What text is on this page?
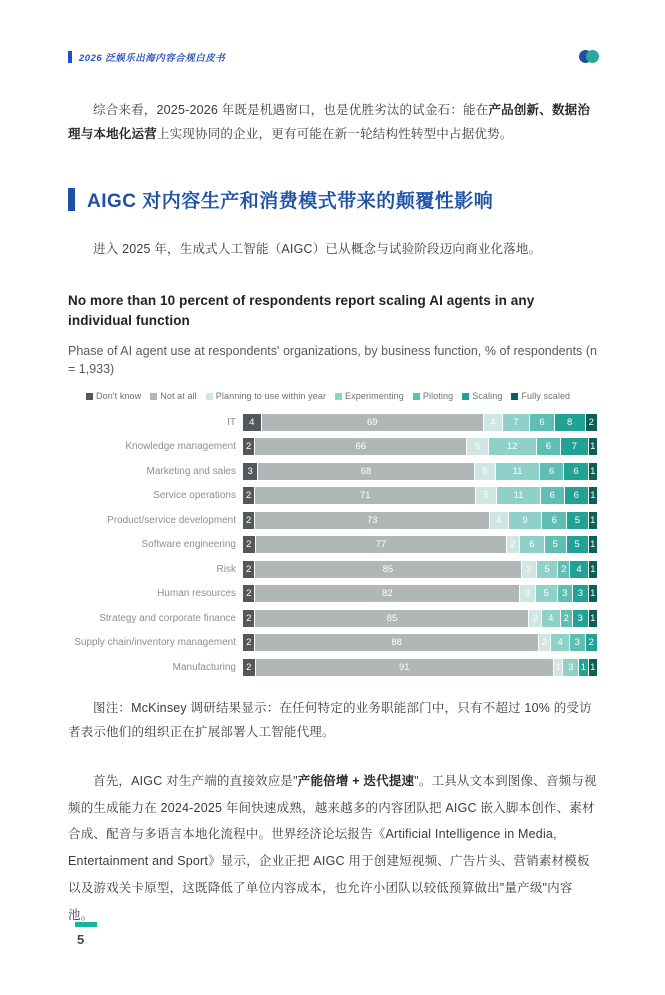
2026 泛娱乐出海内容合规白皮书

综合来看，2025-2026 年既是机遇窗口，也是优胜劣汰的试金石：能在产品创新、数据治理与本地化运营上实现协同的企业，更有可能在新一轮结构性转型中占据优势。

AIGC 对内容生产和消费模式带来的颠覆性影响

进入 2025 年，生成式人工智能（AIGC）已从概念与试验阶段迈向商业化落地。

No more than 10 percent of respondents report scaling AI agents in any individual function
Phase of AI agent use at respondents' organizations, by business function, % of respondents (n = 1,933)
Don't know Not at all Planning to use within year Experimenting Piloting Scaling Fully scaled
IT	4	69	4 7 6 8 2
Knowledge management	2	66	5	12	6 7 1
Marketing and sales	3	68	5	11	6 6 1
Service operations	2	71	5	11	6 6 1
Product/service development	2	73	4 9	6 5 1
Software engineering	2	77	2 6 5 5 1
Risk	2	85	3 5 2 4 1
Human resources	2	82	3 5 3 3 1
Strategy and corporate finance	2	85	2 4 2 3 1
Supply chain/inventory management	2	88	2 4 3 2
Manufacturing	2	91	1 3 1 1

图注：McKinsey 调研结果显示：在任何特定的业务职能部门中，只有不超过 10% 的受访者表示他们的组织正在扩展部署人工智能代理。

首先，AIGC 对生产端的直接效应是"产能倍增 + 迭代提速"。工具从文本到图像、音频与视频的生成能力在 2024-2025 年间快速成熟，越来越多的内容团队把 AIGC 嵌入脚本创作、素材合成、配音与多语言本地化流程中。世界经济论坛报告《Artificial Intelligence in Media, Entertainment and Sport》显示，企业正把 AIGC 用于创建短视频、广告片头、营销素材模板以及游戏关卡原型，这既降低了单位内容成本，也允许小团队以较低预算做出"量产级"内容池。

5
